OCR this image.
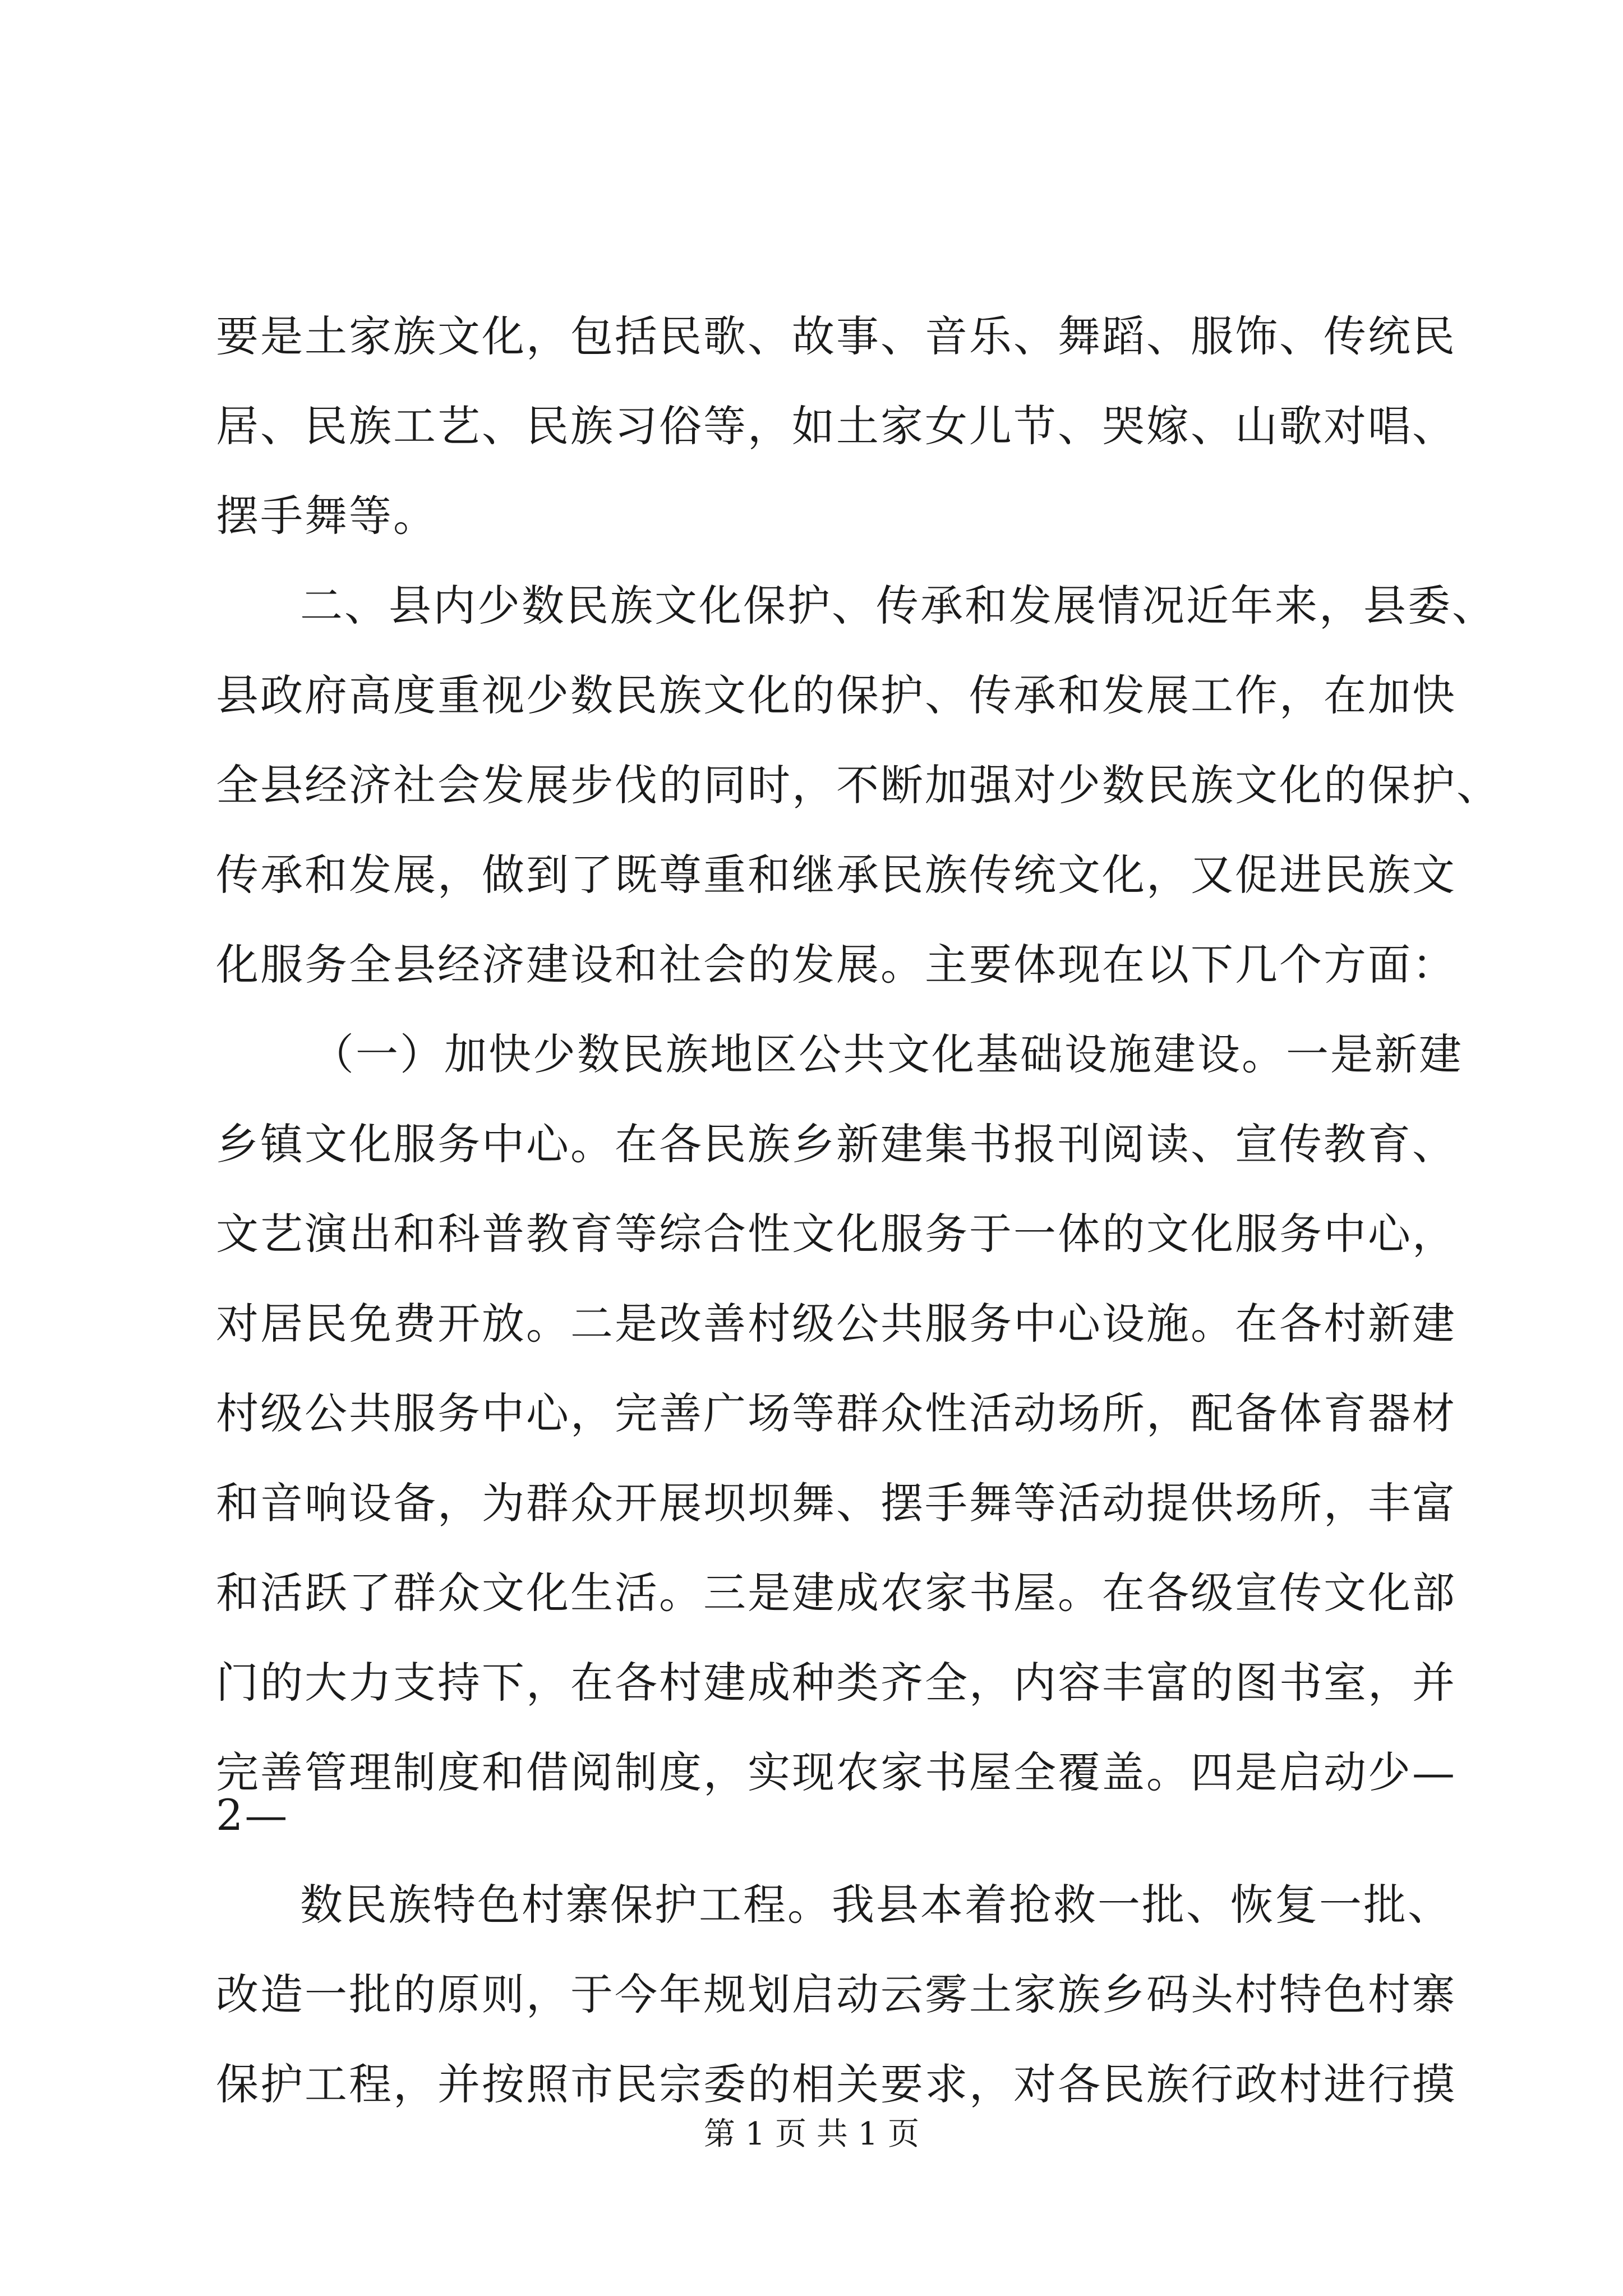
要是土家族文化，包括民歌、故事、音乐、舞蹈、服饰、传统民
居、民族工艺、民族习俗等，如土家女儿节、哭嫁、山歌对唱、
摆手舞等。
二、县内少数民族文化保护、传承和发展情况近年来，县委、
县政府高度重视少数民族文化的保护、传承和发展工作，在加快
全县经济社会发展步伐的同时，不断加强对少数民族文化的保护、
传承和发展，做到了既尊重和继承民族传统文化，又促进民族文
化服务全县经济建设和社会的发展。主要体现在以下几个方面：
（一）加快少数民族地区公共文化基础设施建设。一是新建
乡镇文化服务中心。在各民族乡新建集书报刊阅读、宣传教育、
文艺演出和科普教育等综合性文化服务于一体的文化服务中心，
对居民免费开放。二是改善村级公共服务中心设施。在各村新建
村级公共服务中心，完善广场等群众性活动场所，配备体育器材
和音响设备，为群众开展坝坝舞、摆手舞等活动提供场所，丰富
和活跃了群众文化生活。三是建成农家书屋。在各级宣传文化部
门的大力支持下，在各村建成种类齐全，内容丰富的图书室，并
完善管理制度和借阅制度，实现农家书屋全覆盖。四是启动少—
2—
数民族特色村寨保护工程。我县本着抢救一批、恢复一批、
改造一批的原则，于今年规划启动云雾土家族乡码头村特色村寨
保护工程，并按照市民宗委的相关要求，对各民族行政村进行摸
第 1 页 共 1 页
